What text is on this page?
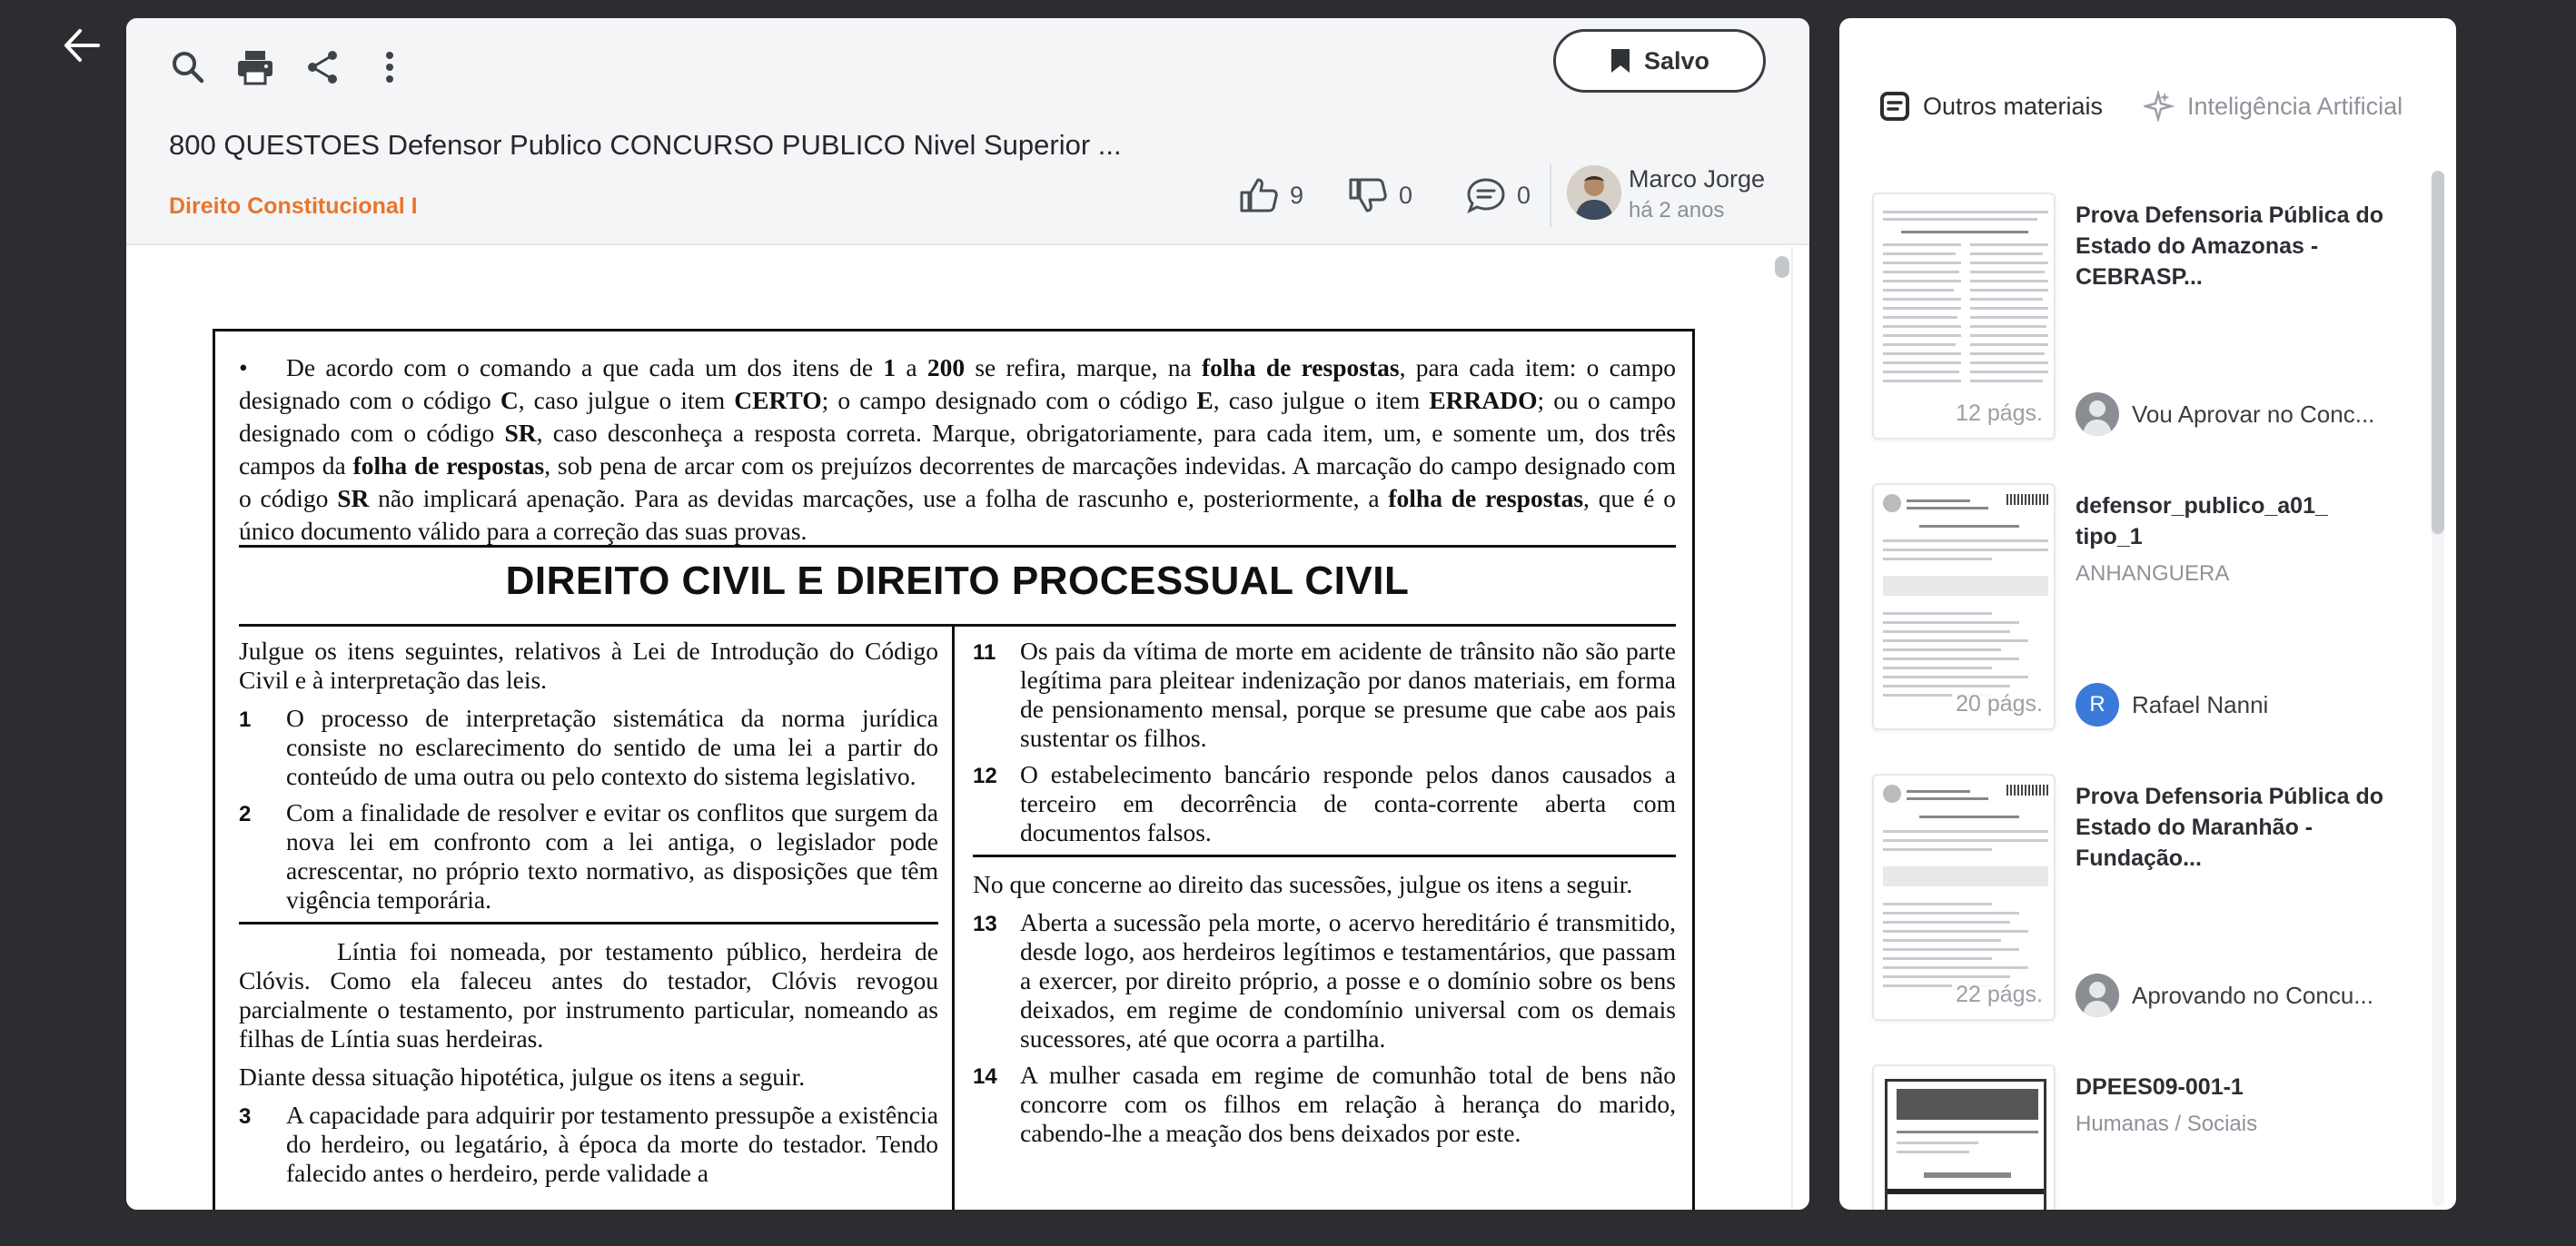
Salvo
800 QUESTOES Defensor Publico CONCURSO PUBLICO Nivel Superior ...
Direito Constitucional I	9	0	0
Marco Jorge
há 2 anos
• De acordo com o comando a que cada um dos itens de 1 a 200 se refira, marque, na folha de respostas, para cada item: o campo designado com o código C, caso julgue o item CERTO; o campo designado com o código E, caso julgue o item ERRADO; ou o campo designado com o código SR, caso desconheça a resposta correta. Marque, obrigatoriamente, para cada item, um, e somente um, dos três campos da folha de respostas, sob pena de arcar com os prejuízos decorrentes de marcações indevidas. A marcação do campo designado com o código SR não implicará apenação. Para as devidas marcações, use a folha de rascunho e, posteriormente, a folha de respostas, que é o único documento válido para a correção das suas provas.
DIREITO CIVIL E DIREITO PROCESSUAL CIVIL

Julgue os itens seguintes, relativos à Lei de Introdução do Código Civil e à interpretação das leis.

1	O processo de interpretação sistemática da norma jurídica consiste no esclarecimento do sentido de uma lei a partir do conteúdo de uma outra ou pelo contexto do sistema legislativo.
2	Com a finalidade de resolver e evitar os conflitos que surgem da nova lei em confronto com a lei antiga, o legislador pode acrescentar, no próprio texto normativo, as disposições que têm vigência temporária.

Líntia foi nomeada, por testamento público, herdeira de Clóvis. Como ela faleceu antes do testador, Clóvis revogou parcialmente o testamento, por instrumento particular, nomeando as filhas de Líntia suas herdeiras.

Diante dessa situação hipotética, julgue os itens a seguir.

3	A capacidade para adquirir por testamento pressupõe a existência do herdeiro, ou legatário, à época da morte do testador. Tendo falecido antes o herdeiro, perde validade a
11 Os pais da vítima de morte em acidente de trânsito não são parte legítima para pleitear indenização por danos materiais, em forma de pensionamento mensal, porque se presume que cabe aos pais sustentar os filhos.
12 O estabelecimento bancário responde pelos danos causados a terceiro em decorrência de conta-corrente aberta com documentos falsos.

No que concerne ao direito das sucessões, julgue os itens a seguir.

13 Aberta a sucessão pela morte, o acervo hereditário é transmitido, desde logo, aos herdeiros legítimos e testamentários, que passam a exercer, por direito próprio, a posse e o domínio sobre os bens deixados, em regime de condomínio universal com os demais sucessores, até que ocorra a partilha.
14 A mulher casada em regime de comunhão total de bens não concorre com os filhos em relação à herança do marido, cabendo-lhe a meação dos bens deixados por este.
Outros materiais	Inteligência Artificial
12 págs.
Prova Defensoria Pública do Estado do Amazonas - CEBRASP...
Vou Aprovar no Conc...
20 págs.
defensor_publico_a01_ tipo_1
ANHANGUERA
R	Rafael Nanni
22 págs.
Prova Defensoria Pública do Estado do Maranhão - Fundação...
Aprovando no Concu...
DPEES09-001-1
Humanas / Sociais
